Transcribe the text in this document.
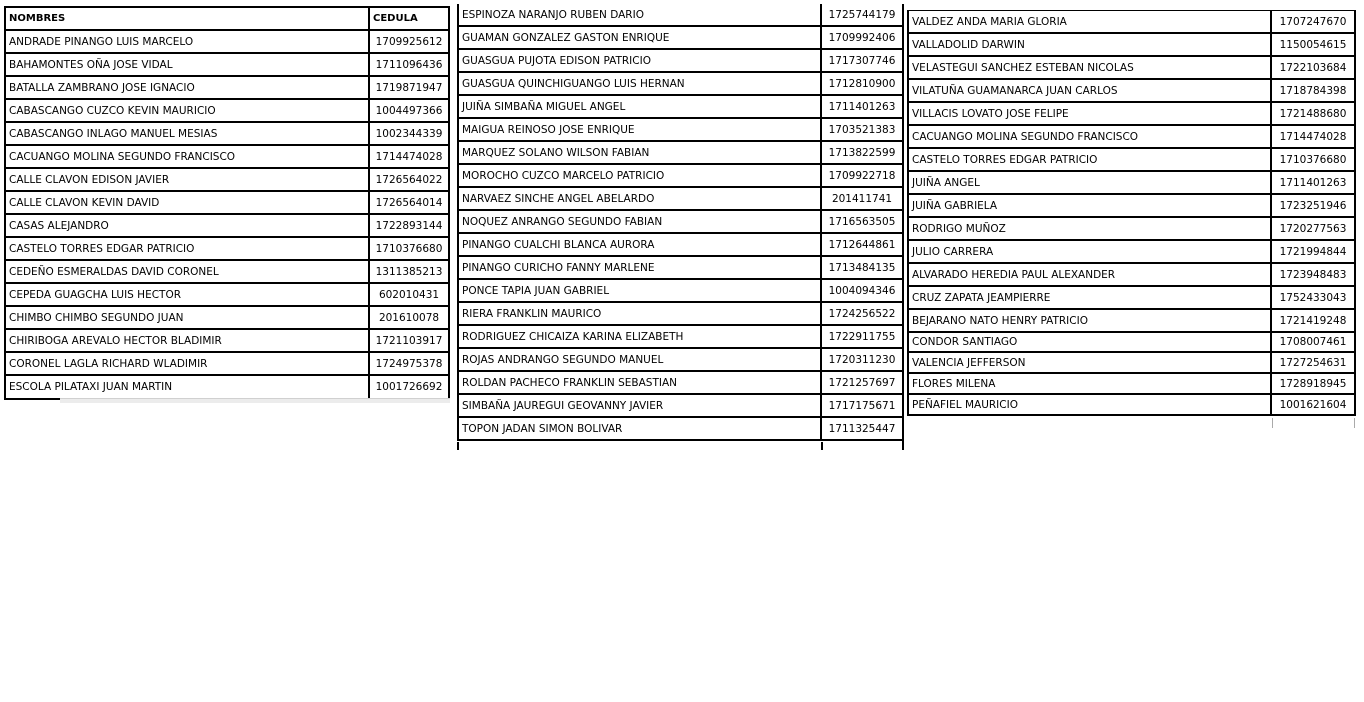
NOMBRES	CEDULA
ANDRADE PINANGO LUIS MARCELO	1709925612
BAHAMONTES OÑA JOSE VIDAL	1711096436
BATALLA ZAMBRANO JOSE IGNACIO	1719871947
CABASCANGO CUZCO KEVIN MAURICIO	1004497366
CABASCANGO INLAGO MANUEL MESIAS	1002344339
CACUANGO MOLINA SEGUNDO FRANCISCO	1714474028
CALLE CLAVON EDISON JAVIER	1726564022
CALLE CLAVON KEVIN DAVID	1726564014
CASAS ALEJANDRO	1722893144
CASTELO TORRES EDGAR PATRICIO	1710376680
CEDEÑO ESMERALDAS DAVID CORONEL	1311385213
CEPEDA GUAGCHA LUIS HECTOR	602010431
CHIMBO CHIMBO SEGUNDO JUAN	201610078
CHIRIBOGA AREVALO HECTOR BLADIMIR	1721103917
CORONEL LAGLA RICHARD WLADIMIR	1724975378
ESCOLA PILATAXI JUAN MARTIN	1001726692
ESPINOZA NARANJO RUBEN DARIO	1725744179
GUAMAN GONZALEZ GASTON ENRIQUE	1709992406
GUASGUA PUJOTA EDISON PATRICIO	1717307746
GUASGUA QUINCHIGUANGO LUIS HERNAN	1712810900
JUIÑA SIMBAÑA MIGUEL ANGEL	1711401263
MAIGUA REINOSO JOSE ENRIQUE	1703521383
MARQUEZ SOLANO WILSON FABIAN	1713822599
MOROCHO CUZCO MARCELO PATRICIO	1709922718
NARVAEZ SINCHE ANGEL ABELARDO	201411741
NOQUEZ ANRANGO SEGUNDO FABIAN	1716563505
PINANGO CUALCHI BLANCA AURORA	1712644861
PINANGO CURICHO FANNY MARLENE	1713484135
PONCE TAPIA JUAN GABRIEL	1004094346
RIERA FRANKLIN MAURICO	1724256522
RODRIGUEZ CHICAIZA KARINA ELIZABETH	1722911755
ROJAS ANDRANGO SEGUNDO MANUEL	1720311230
ROLDAN PACHECO FRANKLIN SEBASTIAN	1721257697
SIMBAÑA JAUREGUI GEOVANNY JAVIER	1717175671
TOPON JADAN SIMON BOLIVAR	1711325447
VALDEZ ANDA MARIA GLORIA	1707247670
VALLADOLID DARWIN	1150054615
VELASTEGUI SANCHEZ ESTEBAN NICOLAS	1722103684
VILATUÑA GUAMANARCA JUAN CARLOS	1718784398
VILLACIS LOVATO JOSE FELIPE	1721488680
CACUANGO MOLINA SEGUNDO FRANCISCO	1714474028
CASTELO TORRES EDGAR PATRICIO	1710376680
JUIÑA ANGEL	1711401263
JUIÑA GABRIELA	1723251946
RODRIGO MUÑOZ	1720277563
JULIO CARRERA	1721994844
ALVARADO HEREDIA PAUL ALEXANDER	1723948483
CRUZ ZAPATA JEAMPIERRE	1752433043
BEJARANO NATO HENRY PATRICIO	1721419248
CONDOR SANTIAGO	1708007461
VALENCIA JEFFERSON	1727254631
FLORES MILENA	1728918945
PEÑAFIEL MAURICIO	1001621604
